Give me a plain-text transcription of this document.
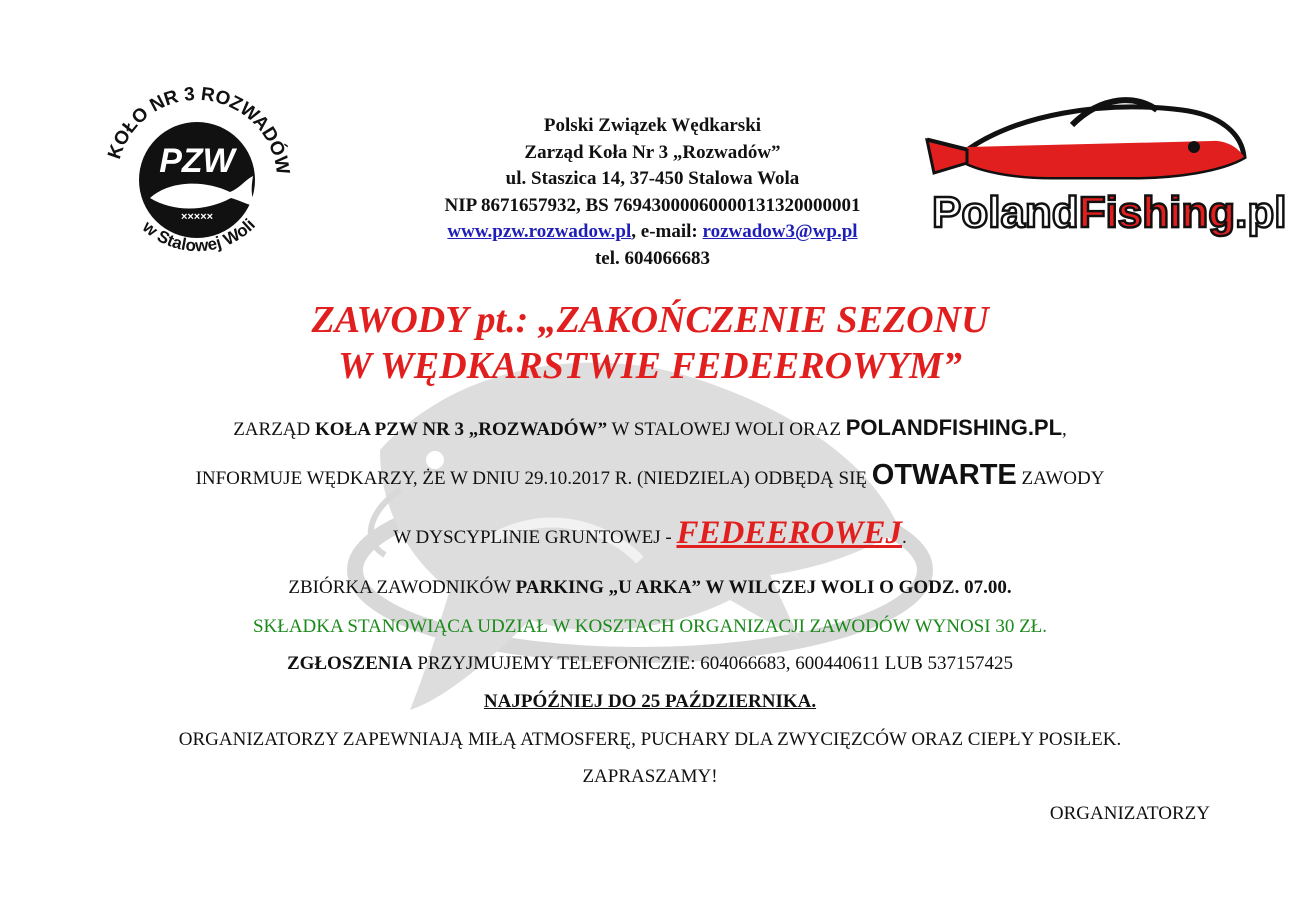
KOŁO NR 3 ROZWADÓW
w Stalowej Woli
PZW
×××××	PolandFishing.pl
Polski Związek Wędkarski
Zarząd Koła Nr 3 „Rozwadów”
ul. Staszica 14, 37-450 Stalowa Wola
NIP 8671657932, BS 76943000060000131320000001
www.pzw.rozwadow.pl, e-mail: rozwadow3@wp.pl
tel. 604066683
ZAWODY pt.: „ZAKOŃCZENIE SEZONU
W WĘDKARSTWIE FEDEEROWYM”
ZARZĄD KOŁA PZW NR 3 „ROZWADÓW” W STALOWEJ WOLI ORAZ POLANDFISHING.PL,
INFORMUJE WĘDKARZY, ŻE W DNIU 29.10.2017 R. (NIEDZIELA) ODBĘDĄ SIĘ OTWARTE ZAWODY
W DYSCYPLINIE GRUNTOWEJ - FEDEEROWEJ.
ZBIÓRKA ZAWODNIKÓW PARKING „U ARKA” W WILCZEJ WOLI O GODZ. 07.00.
SKŁADKA STANOWIĄCA UDZIAŁ W KOSZTACH ORGANIZACJI ZAWODÓW WYNOSI 30 ZŁ.
ZGŁOSZENIA PRZYJMUJEMY TELEFONICZIE: 604066683, 600440611 LUB 537157425
NAJPÓŹNIEJ DO 25 PAŹDZIERNIKA.
ORGANIZATORZY ZAPEWNIAJĄ MIŁĄ ATMOSFERĘ, PUCHARY DLA ZWYCIĘZCÓW ORAZ CIEPŁY POSIŁEK.
ZAPRASZAMY!
ORGANIZATORZY
